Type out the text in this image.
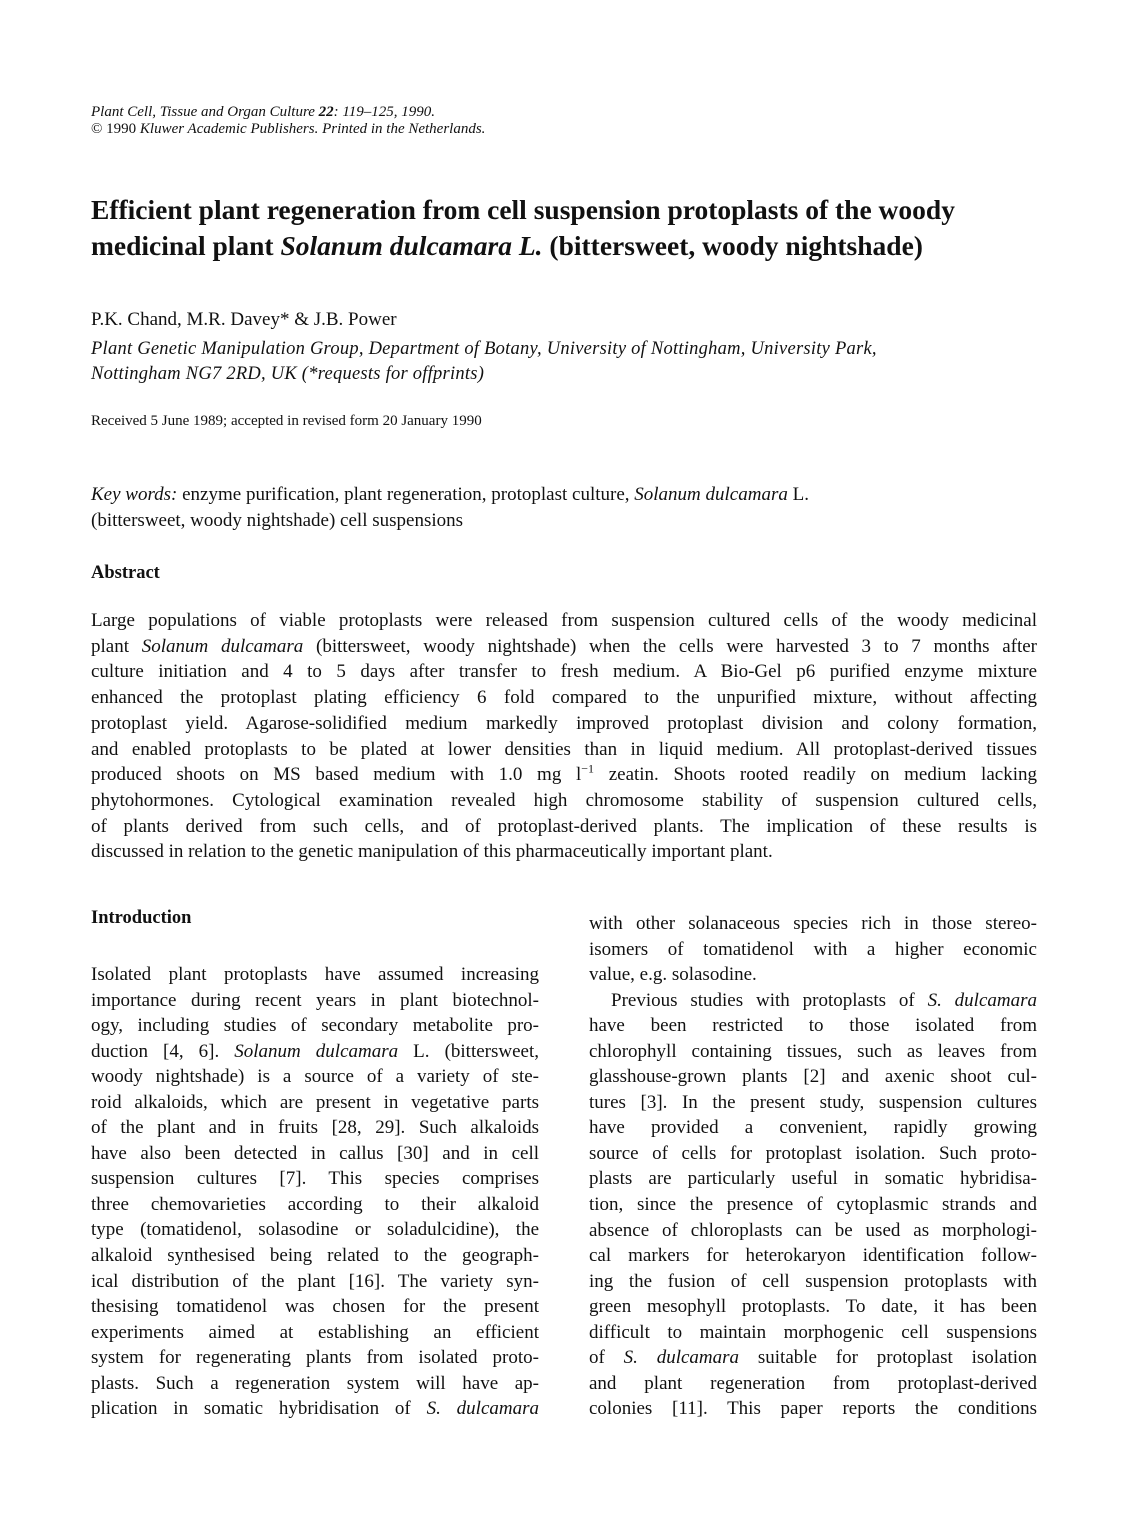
Plant Cell, Tissue and Organ Culture 22: 119–125, 1990.
© 1990 Kluwer Academic Publishers. Printed in the Netherlands.
Efficient plant regeneration from cell suspension protoplasts of the woody
medicinal plant Solanum dulcamara L. (bittersweet, woody nightshade)
P.K. Chand, M.R. Davey* & J.B. Power
Plant Genetic Manipulation Group, Department of Botany, University of Nottingham, University Park,
Nottingham NG7 2RD, UK (*requests for offprints)
Received 5 June 1989; accepted in revised form 20 January 1990
Key words: enzyme purification, plant regeneration, protoplast culture, Solanum dulcamara L.
(bittersweet, woody nightshade) cell suspensions
Abstract
Large populations of viable protoplasts were released from suspension cultured cells of the woody medicinal
plant Solanum dulcamara (bittersweet, woody nightshade) when the cells were harvested 3 to 7 months after
culture initiation and 4 to 5 days after transfer to fresh medium. A Bio-Gel p6 purified enzyme mixture
enhanced the protoplast plating efficiency 6 fold compared to the unpurified mixture, without affecting
protoplast yield. Agarose-solidified medium markedly improved protoplast division and colony formation,
and enabled protoplasts to be plated at lower densities than in liquid medium. All protoplast-derived tissues
produced shoots on MS based medium with 1.0 mg $l^{-1}$ zeatin. Shoots rooted readily on medium lacking
phytohormones. Cytological examination revealed high chromosome stability of suspension cultured cells,
of plants derived from such cells, and of protoplast-derived plants. The implication of these results is
discussed in relation to the genetic manipulation of this pharmaceutically important plant.
Introduction
Isolated plant protoplasts have assumed increasing
importance during recent years in plant biotechnol-
ogy, including studies of secondary metabolite pro-
duction [4, 6]. Solanum dulcamara L. (bittersweet,
woody nightshade) is a source of a variety of ste-
roid alkaloids, which are present in vegetative parts
of the plant and in fruits [28, 29]. Such alkaloids
have also been detected in callus [30] and in cell
suspension cultures [7]. This species comprises
three chemovarieties according to their alkaloid
type (tomatidenol, solasodine or soladulcidine), the
alkaloid synthesised being related to the geograph-
ical distribution of the plant [16]. The variety syn-
thesising tomatidenol was chosen for the present
experiments aimed at establishing an efficient
system for regenerating plants from isolated proto-
plasts. Such a regeneration system will have ap-
plication in somatic hybridisation of S. dulcamara
with other solanaceous species rich in those stereo-
isomers of tomatidenol with a higher economic
value, e.g. solasodine.
Previous studies with protoplasts of S. dulcamara
have been restricted to those isolated from
chlorophyll containing tissues, such as leaves from
glasshouse-grown plants [2] and axenic shoot cul-
tures [3]. In the present study, suspension cultures
have provided a convenient, rapidly growing
source of cells for protoplast isolation. Such proto-
plasts are particularly useful in somatic hybridisa-
tion, since the presence of cytoplasmic strands and
absence of chloroplasts can be used as morphologi-
cal markers for heterokaryon identification follow-
ing the fusion of cell suspension protoplasts with
green mesophyll protoplasts. To date, it has been
difficult to maintain morphogenic cell suspensions
of S. dulcamara suitable for protoplast isolation
and plant regeneration from protoplast-derived
colonies [11]. This paper reports the conditions
